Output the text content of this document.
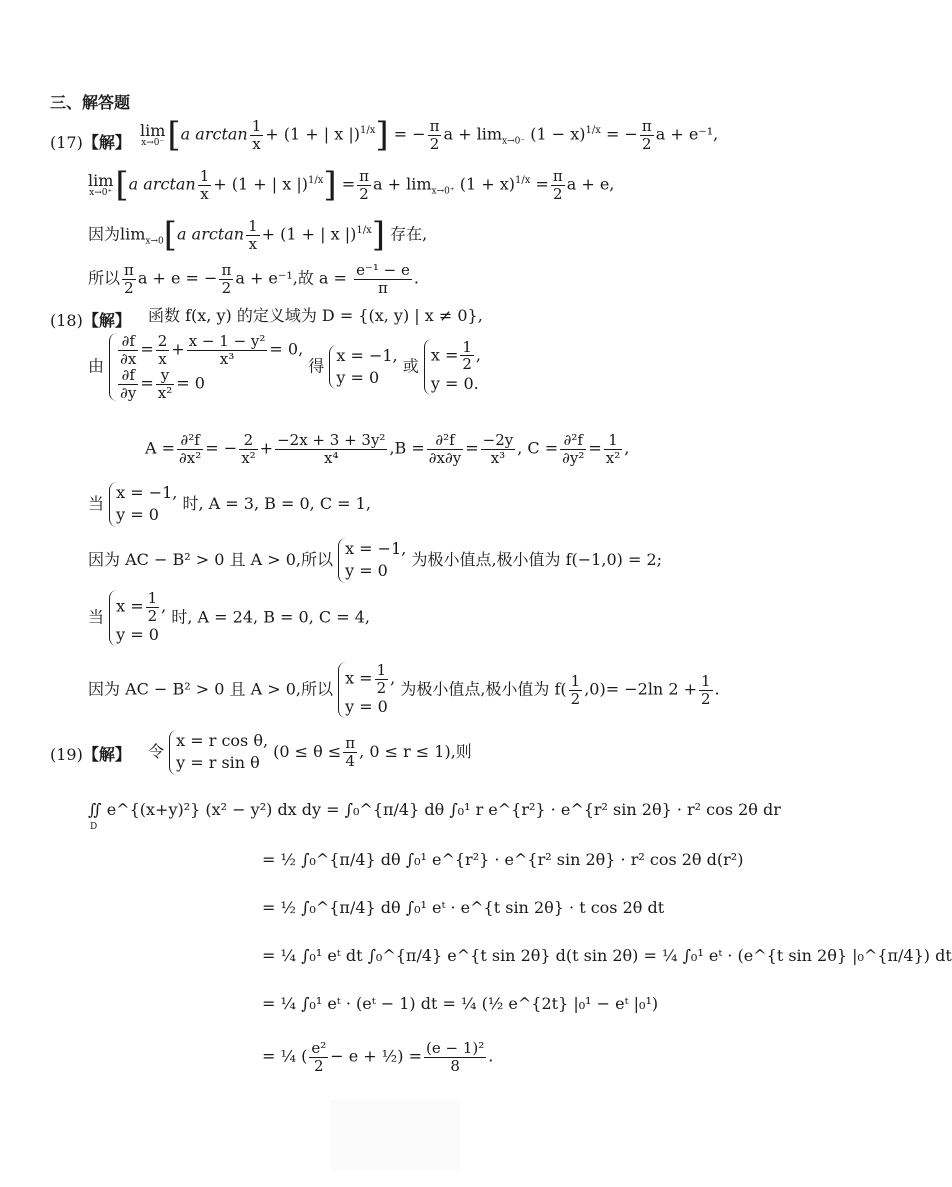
三、解答题
(17)【解】
lim
x→0⁻ [a $\arctan \frac{1}{x} + (1$ + | x |)$^{1/x}$] = − $\frac{\pi}{2}$ $a + \lim_{x\to 0^-} (1 - x)^{1/x}$ = − $\frac{\pi}{2}$ a + e⁻¹,
lim
x→0⁺ [a $\arctan \frac{1}{x} + (1$ + | x $|)^{1/x}] = \frac{\pi}{2}$ $a + \lim_{x\to 0^+} (1 + x)^{1/x} = \frac{\pi}{2}$ a + e,
因为$\lim_{x\to 0}[a$ $\arctan \frac{1}{x} + (1$ + | x |)$^{1/x}$] 存在,
所以 $\frac{\pi}{2}$ a + e = − $\frac{\pi}{2}$ a + e⁻¹,故 $a = \frac{\text{e⁻¹ − e}}{\pi}$ .
(18)【解】 函数 f(x, y) 的定义域为 D = {(x, y) | x ≠ 0},
由 $\frac{\partial f}{\partial x} = \frac{2}{x} + \frac{\text{x − 1 − y²}}{\text{x³}} = 0$,
$\frac{\partial f}{\partial y} = \frac{y}{\text{x²}} = 0$
得
x = −1,
y = 0
或
$x = \frac{1}{2}$ ,
y = 0.
$A = \frac{\text{∂²f}}{\text{∂x²}}$ = − $\frac{2}{\text{x²}} + \frac{\text{−2x + 3 + 3y²}}{\text{x⁴}} ,B = \frac{\text{∂²f}}{\partial x\partial y} = \frac{-2y}{\text{x³}}$ , $C = \frac{\text{∂²f}}{\text{∂y²}} = \frac{1}{\text{x²}}$ ,
当
x = −1,
y = 0
时, A = 3, B = 0, C = 1,
因为 AC − B² > 0 且 A > 0,所以
x = −1,
y = 0
为极小值点,极小值为 f(−1,0) = 2;
当
$x = \frac{1}{2}$ ,
y = 0
时, A = 24, B = 0, C = 4,
因为 AC − B² > 0 且 A > 0,所以
$x = \frac{1}{2}$ ,
y = 0
为极小值点,极小值为 $f( \frac{1}{2} ,0)= -2\ln$ $2 + \frac{1}{2}$ .
(19)【解】 令
x = r cos θ,
y = r sin θ
($0 \le \theta \le \frac{\pi}{4}$ , 0 ≤ r ≤ 1),则
∬ e^{(x+y)²} (x² − y²) dx dy = ∫₀^{π/4} dθ ∫₀¹ r e^{r²} · e^{r² sin 2θ} · r² cos 2θ dr
D
= ½ ∫₀^{π/4} dθ ∫₀¹ e^{r²} · e^{r² sin 2θ} · r² cos 2θ d(r²)
= ½ ∫₀^{π/4} dθ ∫₀¹ eᵗ · e^{t sin 2θ} · t cos 2θ dt
= ¼ ∫₀¹ eᵗ dt ∫₀^{π/4} e^{t sin 2θ} d(t sin 2θ) = ¼ ∫₀¹ eᵗ · (e^{t sin 2θ} |₀^{π/4}) dt
= ¼ ∫₀¹ eᵗ · (eᵗ − 1) dt = ¼ (½ e^{2t} |₀¹ − eᵗ |₀¹)
= ¼ ( $\frac{\text{e²}}{2} - e$ + ½) = $\frac{\text{(e − 1)²}}{8}$ .
